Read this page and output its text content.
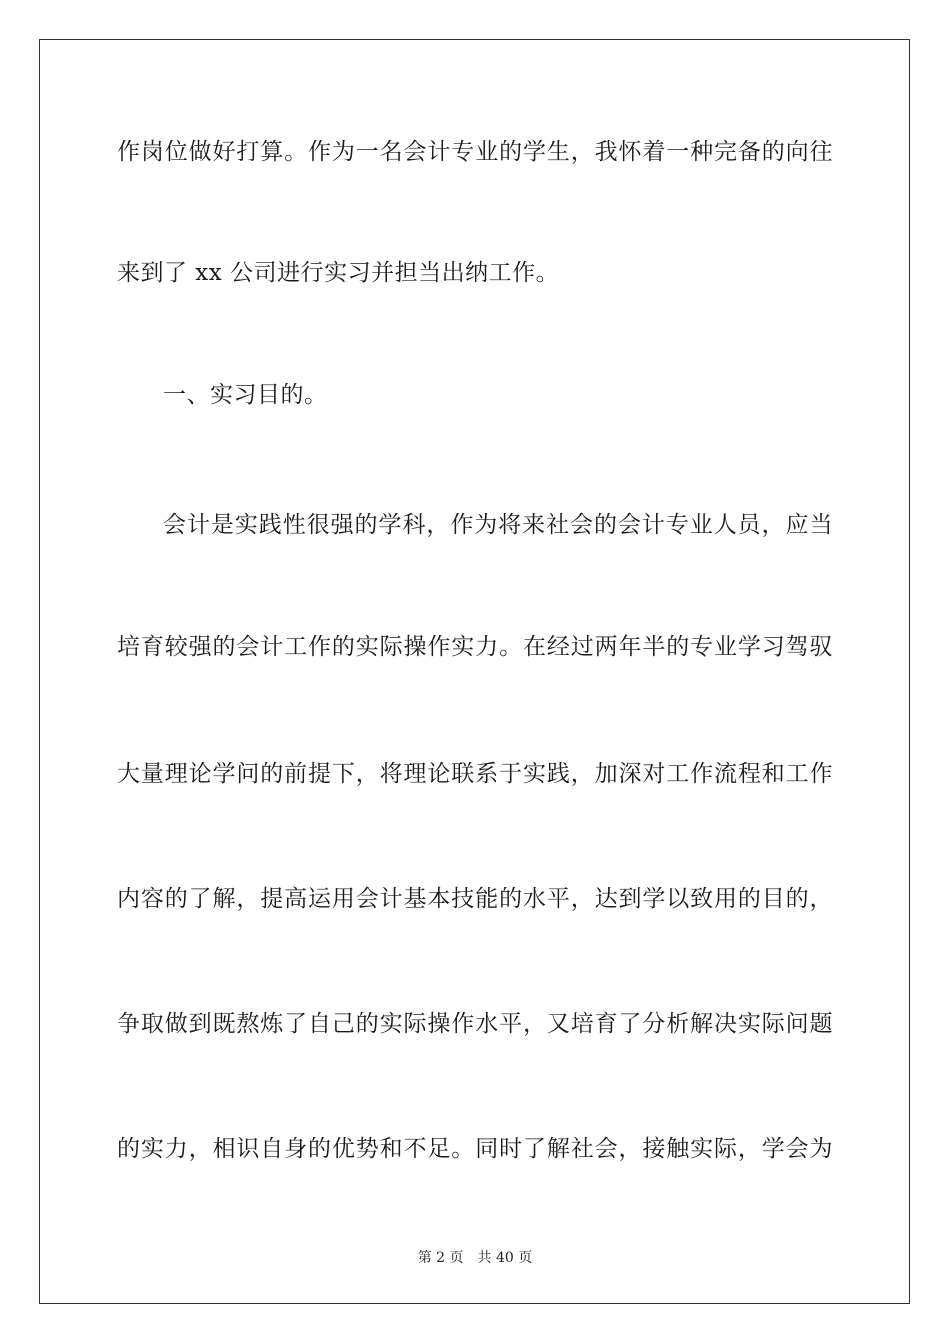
作岗位做好打算。作为一名会计专业的学生，我怀着一种完备的向往
来到了 xx 公司进行实习并担当出纳工作。
一、实习目的。
会计是实践性很强的学科，作为将来社会的会计专业人员，应当
培育较强的会计工作的实际操作实力。在经过两年半的专业学习驾驭
大量理论学问的前提下，将理论联系于实践，加深对工作流程和工作
内容的了解，提高运用会计基本技能的水平，达到学以致用的目的，
争取做到既熬炼了自己的实际操作水平，又培育了分析解决实际问题
的实力，相识自身的优势和不足。同时了解社会，接触实际，学会为
第 2 页 共 40 页
